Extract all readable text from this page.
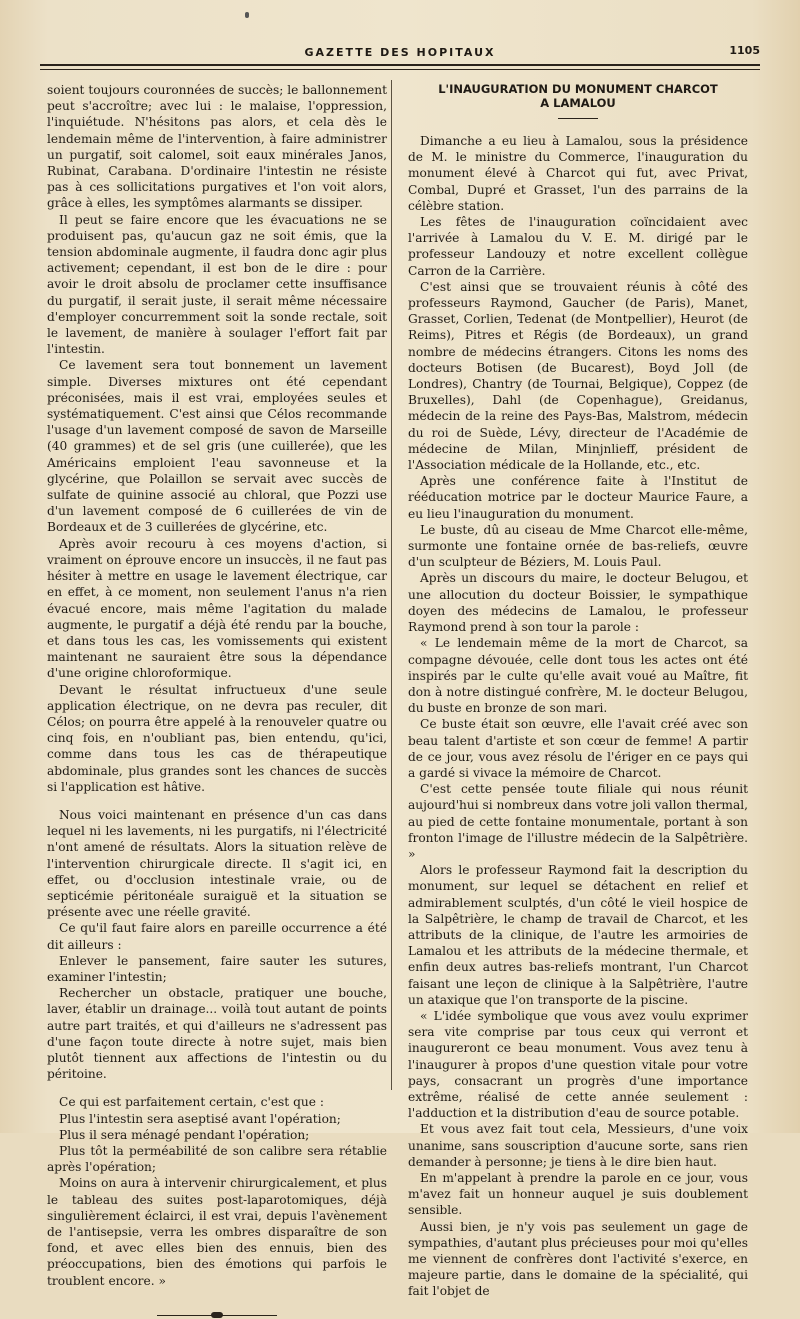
GAZETTE DES HOPITAUX	1105

soient toujours couronnées de succès; le ballonnement peut s'accroître; avec lui : le malaise, l'oppression, l'inquiétude. N'hésitons pas alors, et cela dès le lendemain même de l'intervention, à faire administrer un purgatif, soit calomel, soit eaux minérales Janos, Rubinat, Carabana. D'ordinaire l'intestin ne résiste pas à ces sollicitations purgatives et l'on voit alors, grâce à elles, les symptômes alarmants se dissiper.

Il peut se faire encore que les évacuations ne se produisent pas, qu'aucun gaz ne soit émis, que la tension abdominale augmente, il faudra donc agir plus activement; cependant, il est bon de le dire : pour avoir le droit absolu de proclamer cette insuffisance du purgatif, il serait juste, il serait même nécessaire d'employer concurremment soit la sonde rectale, soit le lavement, de manière à soulager l'effort fait par l'intestin.

Ce lavement sera tout bonnement un lavement simple. Diverses mixtures ont été cependant préconisées, mais il est vrai, employées seules et systématiquement. C'est ainsi que Célos recommande l'usage d'un lavement composé de savon de Marseille (40 grammes) et de sel gris (une cuillerée), que les Américains emploient l'eau savonneuse et la glycérine, que Polaillon se servait avec succès de sulfate de quinine associé au chloral, que Pozzi use d'un lavement composé de 6 cuillerées de vin de Bordeaux et de 3 cuillerées de glycérine, etc.

Après avoir recouru à ces moyens d'action, si vraiment on éprouve encore un insuccès, il ne faut pas hésiter à mettre en usage le lavement électrique, car en effet, à ce moment, non seulement l'anus n'a rien évacué encore, mais même l'agitation du malade augmente, le purgatif a déjà été rendu par la bouche, et dans tous les cas, les vomissements qui existent maintenant ne sauraient être sous la dépendance d'une origine chloroformique.

Devant le résultat infructueux d'une seule application électrique, on ne devra pas reculer, dit Célos; on pourra être appelé à la renouveler quatre ou cinq fois, en n'oubliant pas, bien entendu, qu'ici, comme dans tous les cas de thérapeutique abdominale, plus grandes sont les chances de succès si l'application est hâtive.

Nous voici maintenant en présence d'un cas dans lequel ni les lavements, ni les purgatifs, ni l'électricité n'ont amené de résultats. Alors la situation relève de l'intervention chirurgicale directe. Il s'agit ici, en effet, ou d'occlusion intestinale vraie, ou de septicémie péritonéale suraiguë et la situation se présente avec une réelle gravité.

Ce qu'il faut faire alors en pareille occurrence a été dit ailleurs :

Enlever le pansement, faire sauter les sutures, examiner l'intestin;

Rechercher un obstacle, pratiquer une bouche, laver, établir un drainage... voilà tout autant de points autre part traités, et qui d'ailleurs ne s'adressent pas d'une façon toute directe à notre sujet, mais bien plutôt tiennent aux affections de l'intestin ou du péritoine.

Ce qui est parfaitement certain, c'est que :

Plus l'intestin sera aseptisé avant l'opération;

Plus il sera ménagé pendant l'opération;

Plus tôt la perméabilité de son calibre sera rétablie après l'opération;

Moins on aura à intervenir chirurgicalement, et plus le tableau des suites post-laparotomiques, déjà singulièrement éclairci, il est vrai, depuis l'avènement de l'antisepsie, verra les ombres disparaître de son fond, et avec elles bien des ennuis, bien des préoccupations, bien des émotions qui parfois le troublent encore. »

L'INAUGURATION DU MONUMENT CHARCOT

A LAMALOU

Dimanche a eu lieu à Lamalou, sous la présidence de M. le ministre du Commerce, l'inauguration du monument élevé à Charcot qui fut, avec Privat, Combal, Dupré et Grasset, l'un des parrains de la célèbre station.

Les fêtes de l'inauguration coïncidaient avec l'arrivée à Lamalou du V. E. M. dirigé par le professeur Landouzy et notre excellent collègue Carron de la Carrière.

C'est ainsi que se trouvaient réunis à côté des professeurs Raymond, Gaucher (de Paris), Manet, Grasset, Corlien, Tedenat (de Montpellier), Heurot (de Reims), Pitres et Régis (de Bordeaux), un grand nombre de médecins étrangers. Citons les noms des docteurs Botisen (de Bucarest), Boyd Joll (de Londres), Chantry (de Tournai, Belgique), Coppez (de Bruxelles), Dahl (de Copenhague), Greidanus, médecin de la reine des Pays-Bas, Malstrom, médecin du roi de Suède, Lévy, directeur de l'Académie de médecine de Milan, Minjnlieff, président de l'Association médicale de la Hollande, etc., etc.

Après une conférence faite à l'Institut de rééducation motrice par le docteur Maurice Faure, a eu lieu l'inauguration du monument.

Le buste, dû au ciseau de Mme Charcot elle-même, surmonte une fontaine ornée de bas-reliefs, œuvre d'un sculpteur de Béziers, M. Louis Paul.

Après un discours du maire, le docteur Belugou, et une allocution du docteur Boissier, le sympathique doyen des médecins de Lamalou, le professeur Raymond prend à son tour la parole :

« Le lendemain même de la mort de Charcot, sa compagne dévouée, celle dont tous les actes ont été inspirés par le culte qu'elle avait voué au Maître, fit don à notre distingué confrère, M. le docteur Belugou, du buste en bronze de son mari.

Ce buste était son œuvre, elle l'avait créé avec son beau talent d'artiste et son cœur de femme! A partir de ce jour, vous avez résolu de l'ériger en ce pays qui a gardé si vivace la mémoire de Charcot.

C'est cette pensée toute filiale qui nous réunit aujourd'hui si nombreux dans votre joli vallon thermal, au pied de cette fontaine monumentale, portant à son fronton l'image de l'illustre médecin de la Salpêtrière. »

Alors le professeur Raymond fait la description du monument, sur lequel se détachent en relief et admirablement sculptés, d'un côté le vieil hospice de la Salpêtrière, le champ de travail de Charcot, et les attributs de la clinique, de l'autre les armoiries de Lamalou et les attributs de la médecine thermale, et enfin deux autres bas-reliefs montrant, l'un Charcot faisant une leçon de clinique à la Salpêtrière, l'autre un ataxique que l'on transporte de la piscine.

« L'idée symbolique que vous avez voulu exprimer sera vite comprise par tous ceux qui verront et inaugureront ce beau monument. Vous avez tenu à l'inaugurer à propos d'une question vitale pour votre pays, consacrant un progrès d'une importance extrême, réalisé de cette année seulement : l'adduction et la distribution d'eau de source potable.

Et vous avez fait tout cela, Messieurs, d'une voix unanime, sans souscription d'aucune sorte, sans rien demander à personne; je tiens à le dire bien haut.

En m'appelant à prendre la parole en ce jour, vous m'avez fait un honneur auquel je suis doublement sensible.

Aussi bien, je n'y vois pas seulement un gage de sympathies, d'autant plus précieuses pour moi qu'elles me viennent de confrères dont l'activité s'exerce, en majeure partie, dans le domaine de la spécialité, qui fait l'objet de
